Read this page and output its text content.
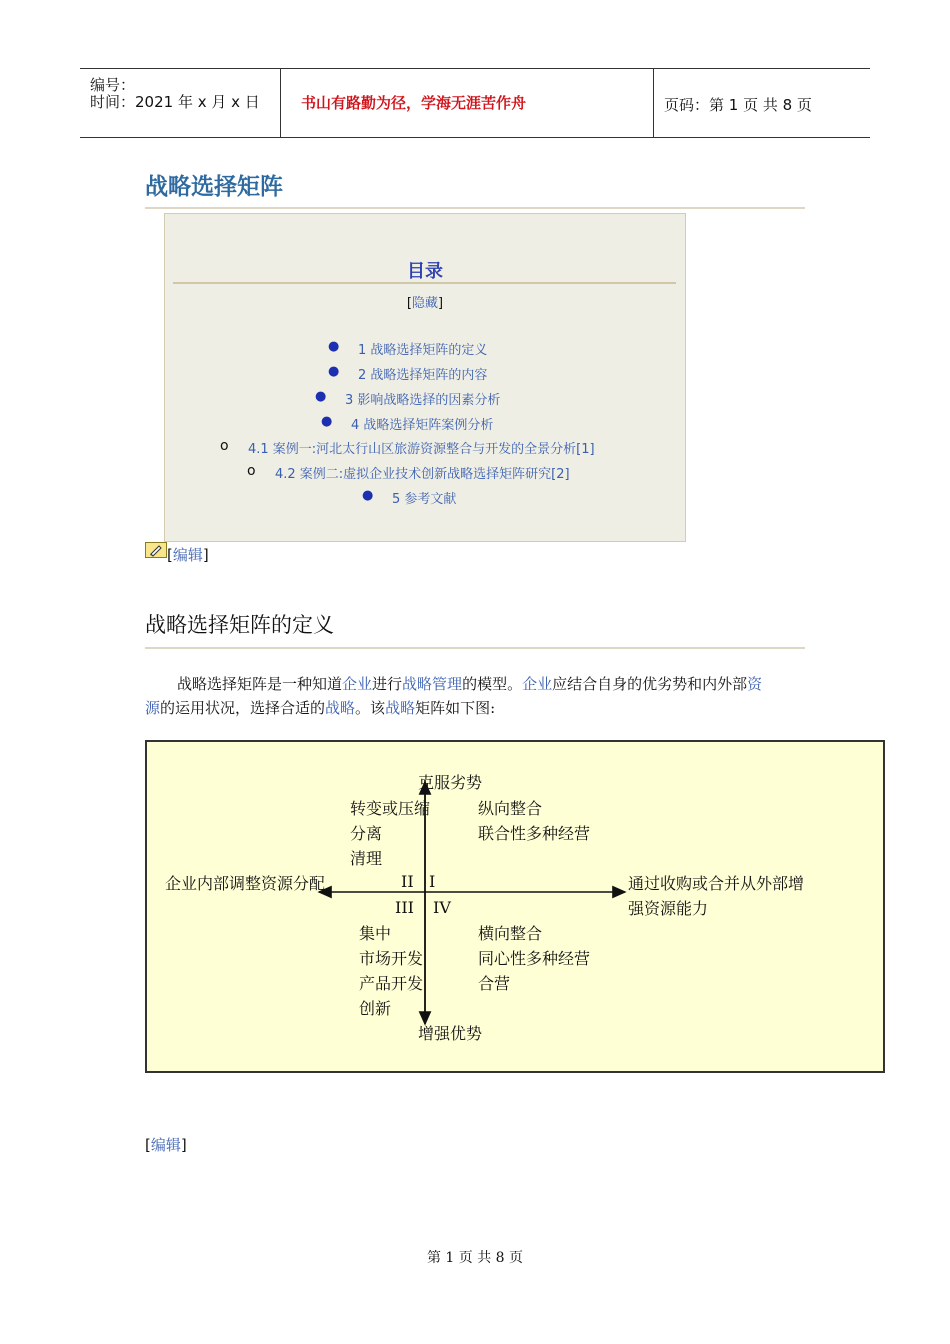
编号：
时间：2021 年 x 月 x 日	书山有路勤为径，学海无涯苦作舟	页码：第 1 页 共 8 页
战略选择矩阵
目录
[隐藏]
● 1 战略选择矩阵的定义
● 2 战略选择矩阵的内容
● 3 影响战略选择的因素分析
● 4 战略选择矩阵案例分析
o 4.1 案例一:河北太行山区旅游资源整合与开发的全景分析[1]
o 4.2 案例二:虚拟企业技术创新战略选择矩阵研究[2]
● 5 参考文献
[编辑]
战略选择矩阵的定义
战略选择矩阵是一种知道企业进行战略管理的模型。企业应结合自身的优劣势和内外部资
源的运用状况，选择合适的战略。该战略矩阵如下图:
克服劣势
增强优势
企业内部调整资源分配	通过收购或合并从外部增
强资源能力
转变或压缩
分离
清理
纵向整合
联合性多种经营
集中
市场开发
产品开发
创新
横向整合
同心性多种经营
合营
I
II
III IV
[编辑]
第 1 页 共 8 页
